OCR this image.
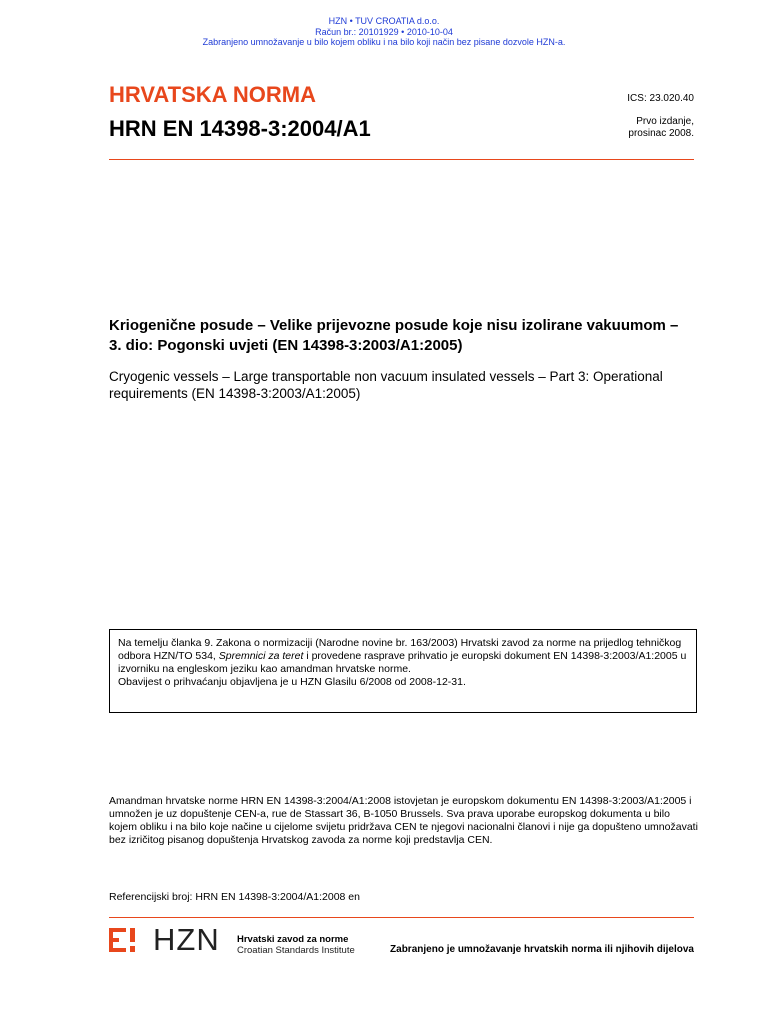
HZN • TUV CROATIA d.o.o.
Račun br.: 20101929 • 2010-10-04
Zabranjeno umnožavanje u bilo kojem obliku i na bilo koji način bez pisane dozvole HZN-a.
HRVATSKA NORMA
HRN EN 14398-3:2004/A1
ICS: 23.020.40
Prvo izdanje,
prosinac 2008.
Kriogenične posude – Velike prijevozne posude koje nisu izolirane vakuumom – 3. dio: Pogonski uvjeti (EN 14398-3:2003/A1:2005)
Cryogenic vessels – Large transportable non vacuum insulated vessels – Part 3: Operational requirements (EN 14398-3:2003/A1:2005)
Na temelju članka 9. Zakona o normizaciji (Narodne novine br. 163/2003) Hrvatski zavod za norme na prijedlog tehničkog odbora HZN/TO 534, Spremnici za teret i provedene rasprave prihvatio je europski dokument EN 14398-3:2003/A1:2005 u izvorniku na engleskom jeziku kao amandman hrvatske norme.
Obavijest o prihvaćanju objavljena je u HZN Glasilu 6/2008 od 2008-12-31.
Amandman hrvatske norme HRN EN 14398-3:2004/A1:2008 istovjetan je europskom dokumentu EN 14398-3:2003/A1:2005 i umnožen je uz dopuštenje CEN-a, rue de Stassart 36, B-1050 Brussels. Sva prava uporabe europskog dokumenta u bilo kojem obliku i na bilo koje načine u cijelome svijetu pridržava CEN te njegovi nacionalni članovi i nije ga dopušteno umnožavati bez izričitog pisanog dopuštenja Hrvatskog zavoda za norme koji predstavlja CEN.
Referencijski broj: HRN EN 14398-3:2004/A1:2008 en
HZN Hrvatski zavod za norme
Croatian Standards Institute	Zabranjeno je umnožavanje hrvatskih norma ili njihovih dijelova
